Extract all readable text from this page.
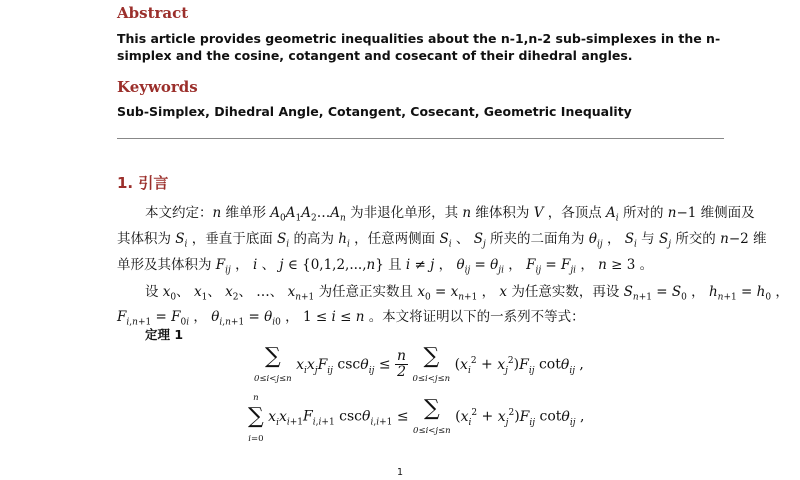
Abstract
This article provides geometric inequalities about the n-1,n-2 sub-simplexes in the n-simplex and the cosine, cotangent and cosecant of their dihedral angles.
Keywords
Sub-Simplex, Dihedral Angle, Cotangent, Cosecant, Geometric Inequality
1. 引言
本文约定：n 维单形 $A_0A_1A_2\dots A_n$ 为非退化单形，其 n 维体积为 V ，各顶点 $A_i$ 所对的 n−1 维侧面及
其体积为 $S_i$ ，垂直于底面 $S_i$ 的高为 $h_i$ ，任意两侧面 $S_i$ 、 $S_j$ 所夹的二面角为 $\theta_{ij}$ ， $S_i$ 与 $S_j$ 所交的 n−2 维
单形及其体积为 $F_{ij}$ ， i 、 j ∈ {0,1,2,...,n} 且 i ≠ j ， $\theta_{ij} = \theta_{ji}$ ， $F_{ij} = F_{ji}$ ， n ≥ 3 。
设 $x_0$、 $x_1$、 $x_2$、 …、 $x_{n+1}$ 为任意正实数且 $x_0 = x_{n+1}$ ， x 为任意实数，再设 $S_{n+1} = S_0$ ， $h_{n+1} = h_0$ ，
$F_{i,n+1} = F_{0i}$ ， $\theta_{i,n+1} = \theta_{i0}$ ， 1 ≤ i ≤ n 。本文将证明以下的一系列不等式：
定理 1
∑
0≤i<j≤n $x_ix_jF_{ij}$ $\csc\theta_{ij} \le \frac{n}{2}$ ∑
0≤i<j≤n $(x_i^2 + x_j^2)F_{ij}$ cotθ$_{ij}$ ,
n
∑
i=0 $x_ix_{i+1}F_{i,i+1}$ cscθ$_{i,i+1}$ ≤ ∑
0≤i<j≤n $(x_i^2 + x_j^2)F_{ij}$ cotθ$_{ij}$ ,
1
